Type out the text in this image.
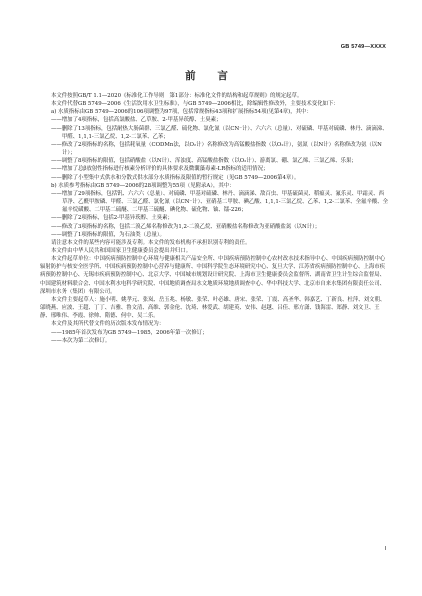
GB 5749—XXXX
前 言

本文件按照GB/T 1.1—2020《标准化工作导则　第1部分：标准化文件的结构和起草规则》的规定起草。

本文件代替GB 5749—2006《生活饮用水卫生标准》，与GB 5749—2006相比，除编辑性修改外，主要技术变化如下：

a) 水质指标由GB 5749—2006的106项调整为97项，包括常规指标43项和扩展指标54项(见第4章)，其中：

——增加了4项指标，包括高氯酸盐、乙草胺、2-甲基异莰醇、土臭素；

——删除了13项指标，包括耐热大肠菌群、三氯乙醛、硫化物、氯化氰（以CN⁻计）、六六六（总量）、对硫磷、甲基对硫磷、林丹、滴滴涕、甲醛、1,1,1-三氯乙烷、1,2-二氯苯、乙苯；

——修改了2项指标的名称，包括耗氧量（CODMn法，以O₂计）名称修改为高锰酸盐指数（以O₂计），氨氮（以N计）名称修改为氨（以N计）；

——调整了8项指标的限值，包括硝酸盐（以N计）、浑浊度、高锰酸盐指数（以O₂计）、游离氯、硼、氯乙烯、三氯乙烯、乐果；

——增加了总β放射性指标进行核素分析评价的具体要求及微囊藻毒素-LR指标的适用情况；

——删除了小型集中式供水和分散式供水部分水质指标及限值的暂行规定（见GB 5749—2006第4章）。

b) 水质参考指标由GB 5749—2006的28项调整为55项（见附录A），其中：

——增加了29项指标，包括钒、六六六（总量）、对硫磷、甲基对硫磷、林丹、滴滴涕、敌百虫、甲基硫菌灵、稻瘟灵、氟乐灵、甲霜灵、西草净、乙酰甲胺磷、甲醛、三氯乙醛、氯化氰（以CN⁻计）、亚硝基二甲胺、碘乙酸、1,1,1-三氯乙烷、乙苯、1,2-二氯苯、全氟辛酸、全氟辛烷磺酸、二甲基二硫醚、二甲基三硫醚、碘化物、硫化物、铀、镭-226；

——删除了2项指标，包括2-甲基异莰醇、土臭素；

——修改了3项指标的名称，包括二溴乙烯名称修改为1,2-二溴乙烷、亚硝酸盐名称修改为亚硝酸盐氮（以N计）；

——调整了1项指标的限值，为石油类（总量）。

请注意本文件的某些内容可能涉及专利。本文件的发布机构不承担识别专利的责任。

本文件由中华人民共和国国家卫生健康委员会提出并归口。

本文件起草单位：中国疾病预防控制中心环境与健康相关产品安全所、中国疾病预防控制中心农村改水技术指导中心、中国疾病预防控制中心辐射防护与核安全医学所、中国疾病预防控制中心营养与健康所、中国科学院生态环境研究中心、复旦大学、江苏省疾病预防控制中心、上海市疾病预防控制中心、无锡市疾病预防控制中心、北京大学、中国城市规划设计研究院、上海市卫生健康委员会监督所、湖南省卫生计生综合监督局、中国建筑材料联合会、中国水利水电科学研究院、中国地质调查局水文地质环境地质调查中心、华中科技大学、北京市自来水集团有限责任公司、深圳市水务（集团）有限公司。

本文件主要起草人：施小明、姚孝元、张岚、岳玉兆、杨敏、张荣、叶必雄、唐宋、张荣、丁震、高圣华、韩嘉艺、丁新良、杜萍、刘文朝、邬晓燕、应波、王超、丁丁、吉雅、鲁文清、高维、郭金伦、沈琦、林爱武、胡建英、安伟、赵越、吕佳、邢方潇、钱海雷、郑静、刘文卫、王静、邢唯伟、李霞、徐帅、隋德、何中、吴二乐。

本文件及其所代替文件的历次版本发布情况为：

——1985年首次发布为GB 5749—1985，2006年第一次修订；

——本次为第二次修订。

I
